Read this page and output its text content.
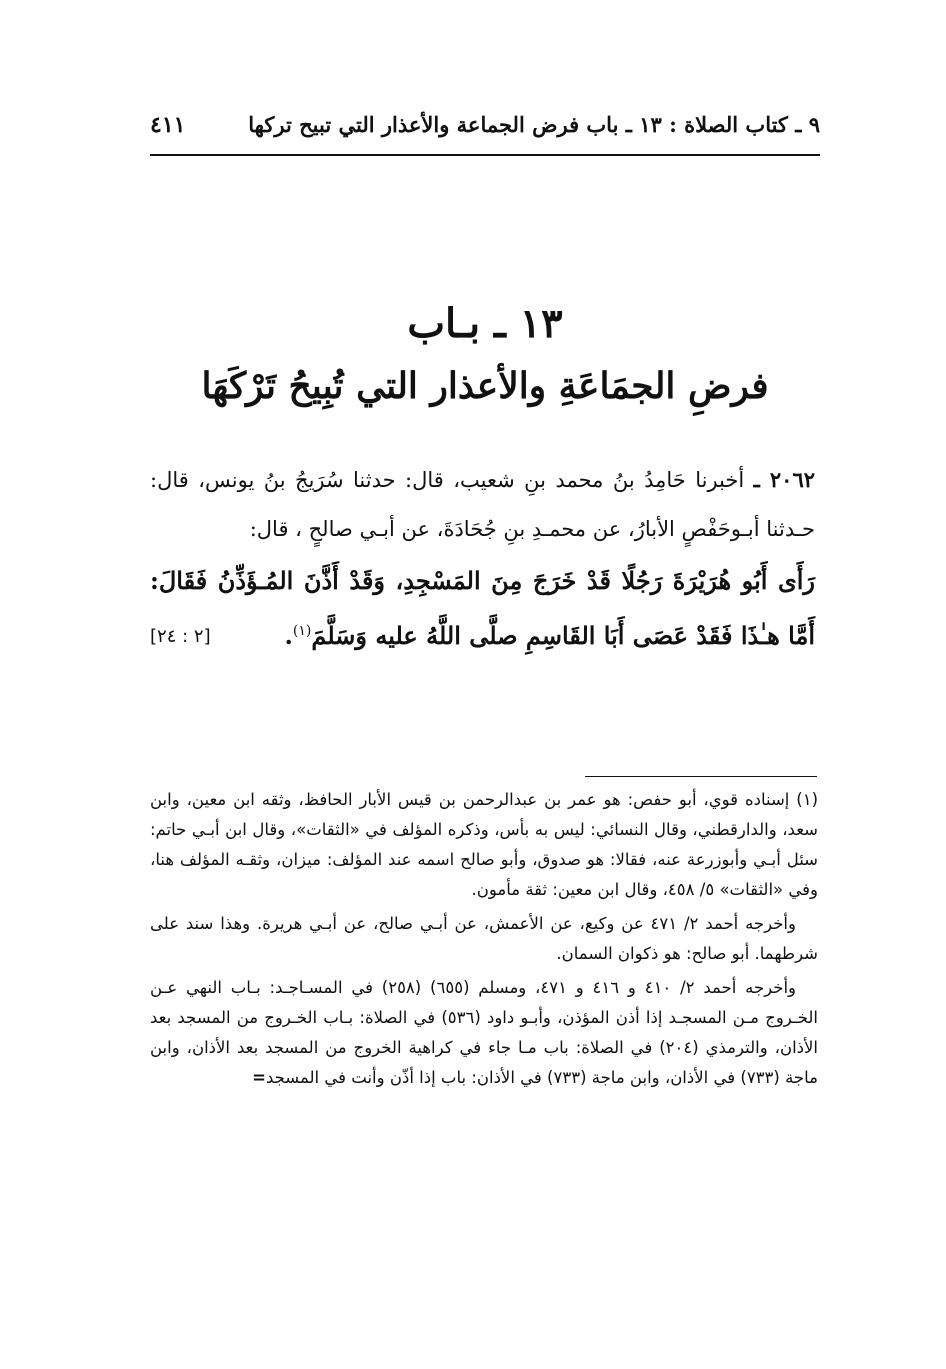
٩ ـ كتاب الصلاة : ١٣ ـ باب فرض الجماعة والأعذار التي تبيح تركها
٤١١
١٣ ـ بـاب
فرضِ الجمَاعَةِ والأعذار التي تُبِيحُ تَرْكَهَا

٢٠٦٢ ـ أخبرنا حَامِدُ بنُ محمد بنِ شعيب، قال: حدثنا سُرَيجُ بنُ يونس، قال: حـدثنا أبـوحَفْصٍ الأبارُ، عن محمـدِ بنِ جُحَادَةَ، عن أبـي صالحٍ ، قال:

رَأَى أَبُو هُرَيْرَةَ رَجُلًا قَدْ خَرَجَ مِنَ المَسْجِدِ، وَقَدْ أَذَّنَ المُـؤَذِّنُ فَقَالَ: أَمَّا هـٰذَا فَقَدْ عَصَى أَبَا القَاسِمِ صلَّى اللَّهُ عليه وَسَلَّمَ$^{(١)}$.
[٢ : ٢٤]

(١) إسناده قوي، أبو حفص: هو عمر بن عبدالرحمن بن قيس الأبار الحافظ، وثقه ابن معين، وابن سعد، والدارقطني، وقال النسائي: ليس به بأس، وذكره المؤلف في «الثقات»، وقال ابن أبـي حاتم: سئل أبـي وأبوزرعة عنه، فقالا: هو صدوق، وأبو صالح اسمه عند المؤلف: ميزان، وثقـه المؤلف هنا، وفي «الثقات» ٥/ ٤٥٨، وقال ابن معين: ثقة مأمون.

وأخرجه أحمد ٢/ ٤٧١ عن وكيع، عن الأعمش، عن أبـي صالح، عن أبـي هريرة. وهذا سند على شرطهما. أبو صالح: هو ذكوان السمان.

وأخرجه أحمد ٢/ ٤١٠ و ٤١٦ و ٤٧١، ومسلم (٦٥٥) (٢٥٨) في المسـاجـد: بـاب النهي عـن الخـروج مـن المسجـد إذا أذن المؤذن، وأبـو داود (٥٣٦) في الصلاة: بـاب الخـروج من المسجد بعد الأذان، والترمذي (٢٠٤) في الصلاة: باب مـا جاء في كراهية الخروج من المسجد بعد الأذان، وابن ماجة (٧٣٣) في الأذان، وابن ماجة (٧٣٣) في الأذان: باب إذا أذّن وأنت في المسجد=
